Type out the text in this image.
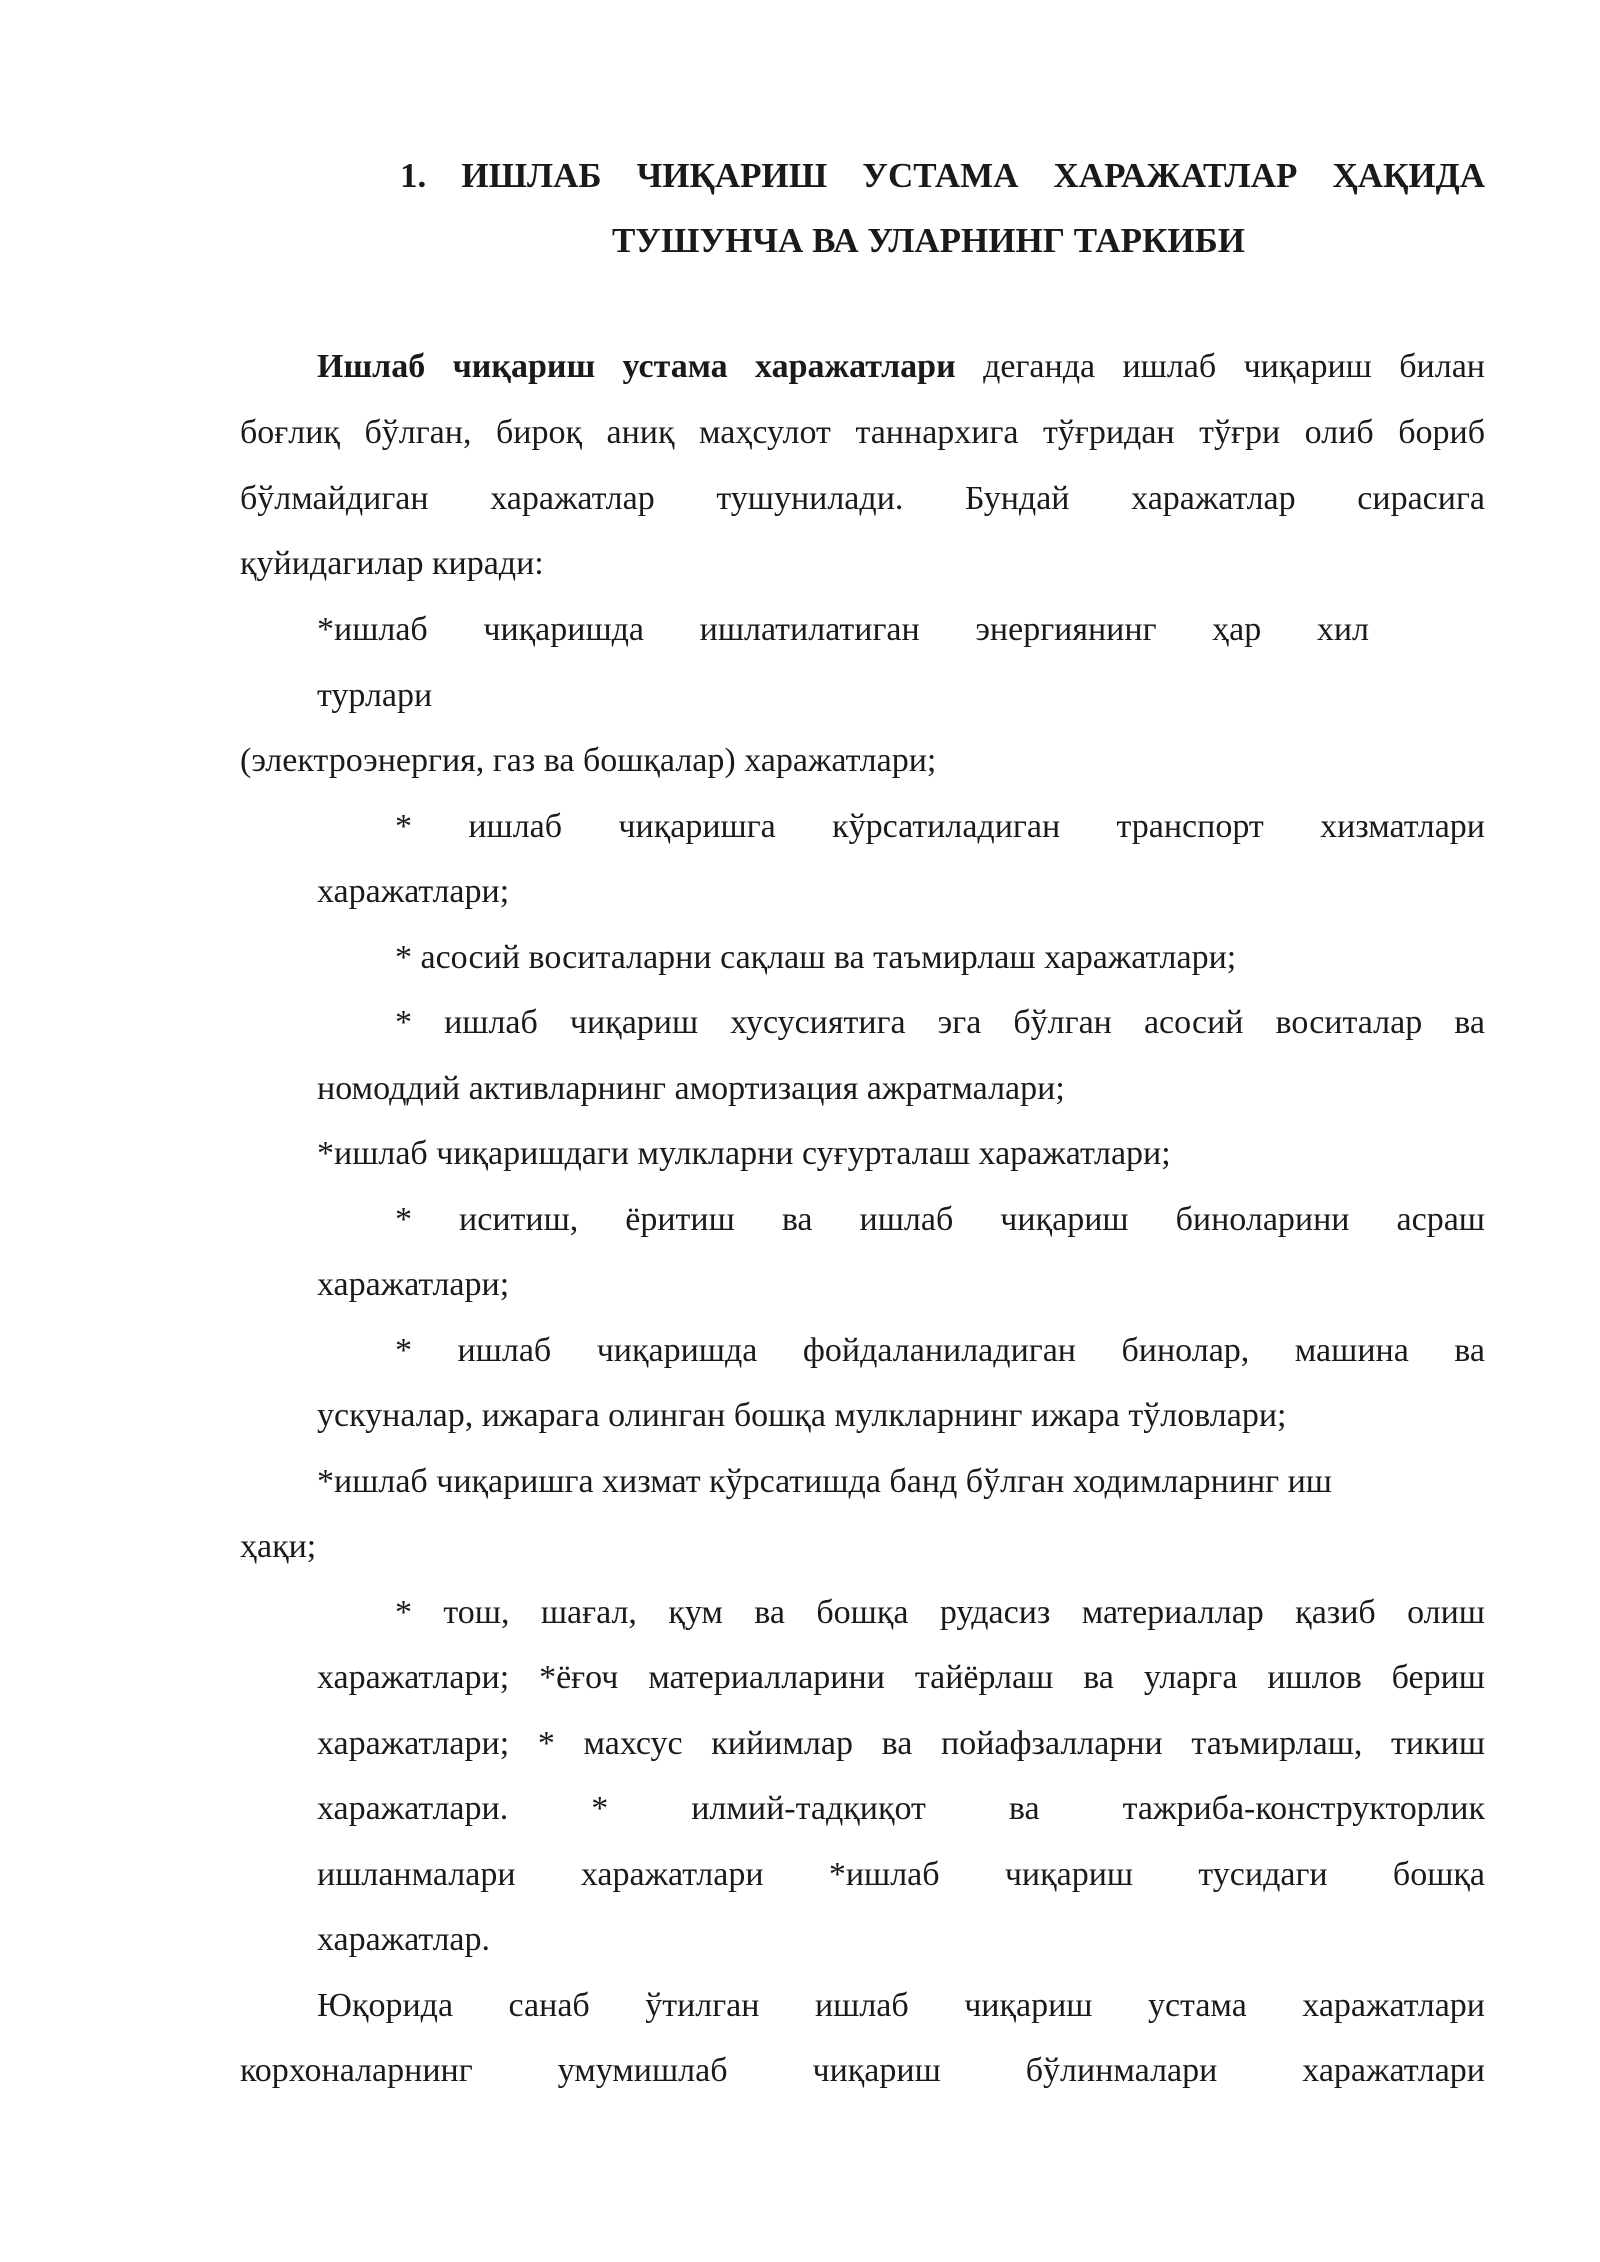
1. ИШЛАБ ЧИҚАРИШ УСТАМА ХАРАЖАТЛАР ҲАҚИДА
ТУШУНЧА ВА УЛАРНИНГ ТАРКИБИ

Ишлаб чиқариш устама харажатлари деганда ишлаб чиқариш билан

боғлиқ бўлган, бироқ аниқ маҳсулот таннархига тўғридан тўғри олиб бориб

бўлмайдиган харажатлар тушунилади. Бундай харажатлар сирасига

қуйидагилар киради:

*ишлаб чиқаришда ишлатилатиган энергиянинг ҳар хил

турлари

(электроэнергия, газ ва бошқалар) харажатлари;

* ишлаб чиқаришга кўрсатиладиган транспорт хизматлари

харажатлари;

* асосий воситаларни сақлаш ва таъмирлаш харажатлари;

* ишлаб чиқариш хусусиятига эга бўлган асосий воситалар ва

номоддий активларнинг амортизация ажратмалари;

*ишлаб чиқаришдаги мулкларни суғурталаш харажатлари;

* иситиш, ёритиш ва ишлаб чиқариш биноларини асраш

харажатлари;

* ишлаб чиқаришда фойдаланиладиган бинолар, машина ва

ускуналар, ижарага олинган бошқа мулкларнинг ижара тўловлари;

*ишлаб чиқаришга хизмат кўрсатишда банд бўлган ходимларнинг иш

ҳақи;

* тош, шағал, қум ва бошқа рудасиз материаллар қазиб олиш

харажатлари; *ёғоч материалларини тайёрлаш ва уларга ишлов бериш

харажатлари; * махсус кийимлар ва пойафзалларни таъмирлаш, тикиш

харажатлари. * илмий-тадқиқот ва тажриба-конструкторлик

ишланмалари харажатлари *ишлаб чиқариш тусидаги бошқа

харажатлар.

Юқорида санаб ўтилган ишлаб чиқариш устама харажатлари

корхоналарнинг умумишлаб чиқариш бўлинмалари харажатлари
